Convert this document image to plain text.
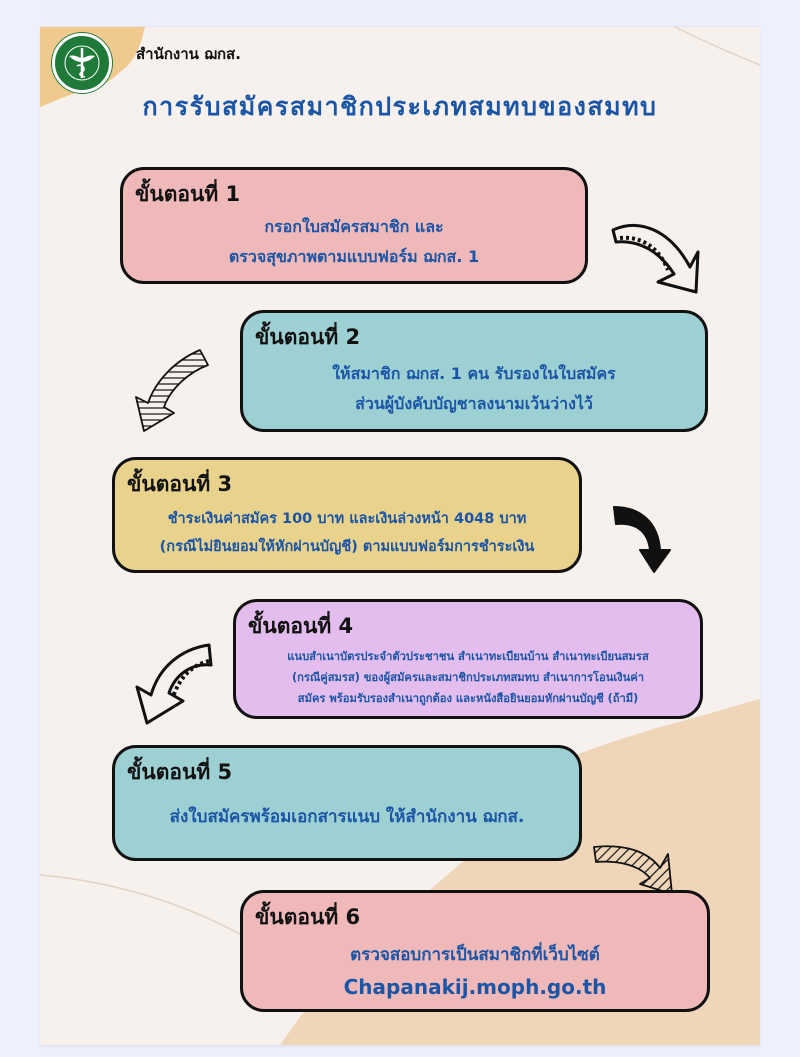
สำนักงาน ฌกส.
การรับสมัครสมาชิกประเภทสมทบของสมทบ
ขั้นตอนที่ 1
กรอกใบสมัครสมาชิก และ
ตรวจสุขภาพตามแบบฟอร์ม ฌกส. 1
ขั้นตอนที่ 2
ให้สมาชิก ฌกส. 1 คน รับรองในใบสมัคร
ส่วนผู้บังคับบัญชาลงนามเว้นว่างไว้
ขั้นตอนที่ 3
ชำระเงินค่าสมัคร 100 บาท และเงินล่วงหน้า 4048 บาท
(กรณีไม่ยินยอมให้หักผ่านบัญชี) ตามแบบฟอร์มการชำระเงิน
ขั้นตอนที่ 4
แนบสำเนาบัตรประจำตัวประชาชน สำเนาทะเบียนบ้าน สำเนาทะเบียนสมรส
(กรณีคู่สมรส) ของผู้สมัครและสมาชิกประเภทสมทบ สำเนาการโอนเงินค่า
สมัคร พร้อมรับรองสำเนาถูกต้อง และหนังสือยินยอมหักผ่านบัญชี (ถ้ามี)
ขั้นตอนที่ 5
ส่งใบสมัครพร้อมเอกสารแนบ ให้สำนักงาน ฌกส.
ขั้นตอนที่ 6
ตรวจสอบการเป็นสมาชิกที่เว็บไซต์
Chapanakij.moph.go.th
